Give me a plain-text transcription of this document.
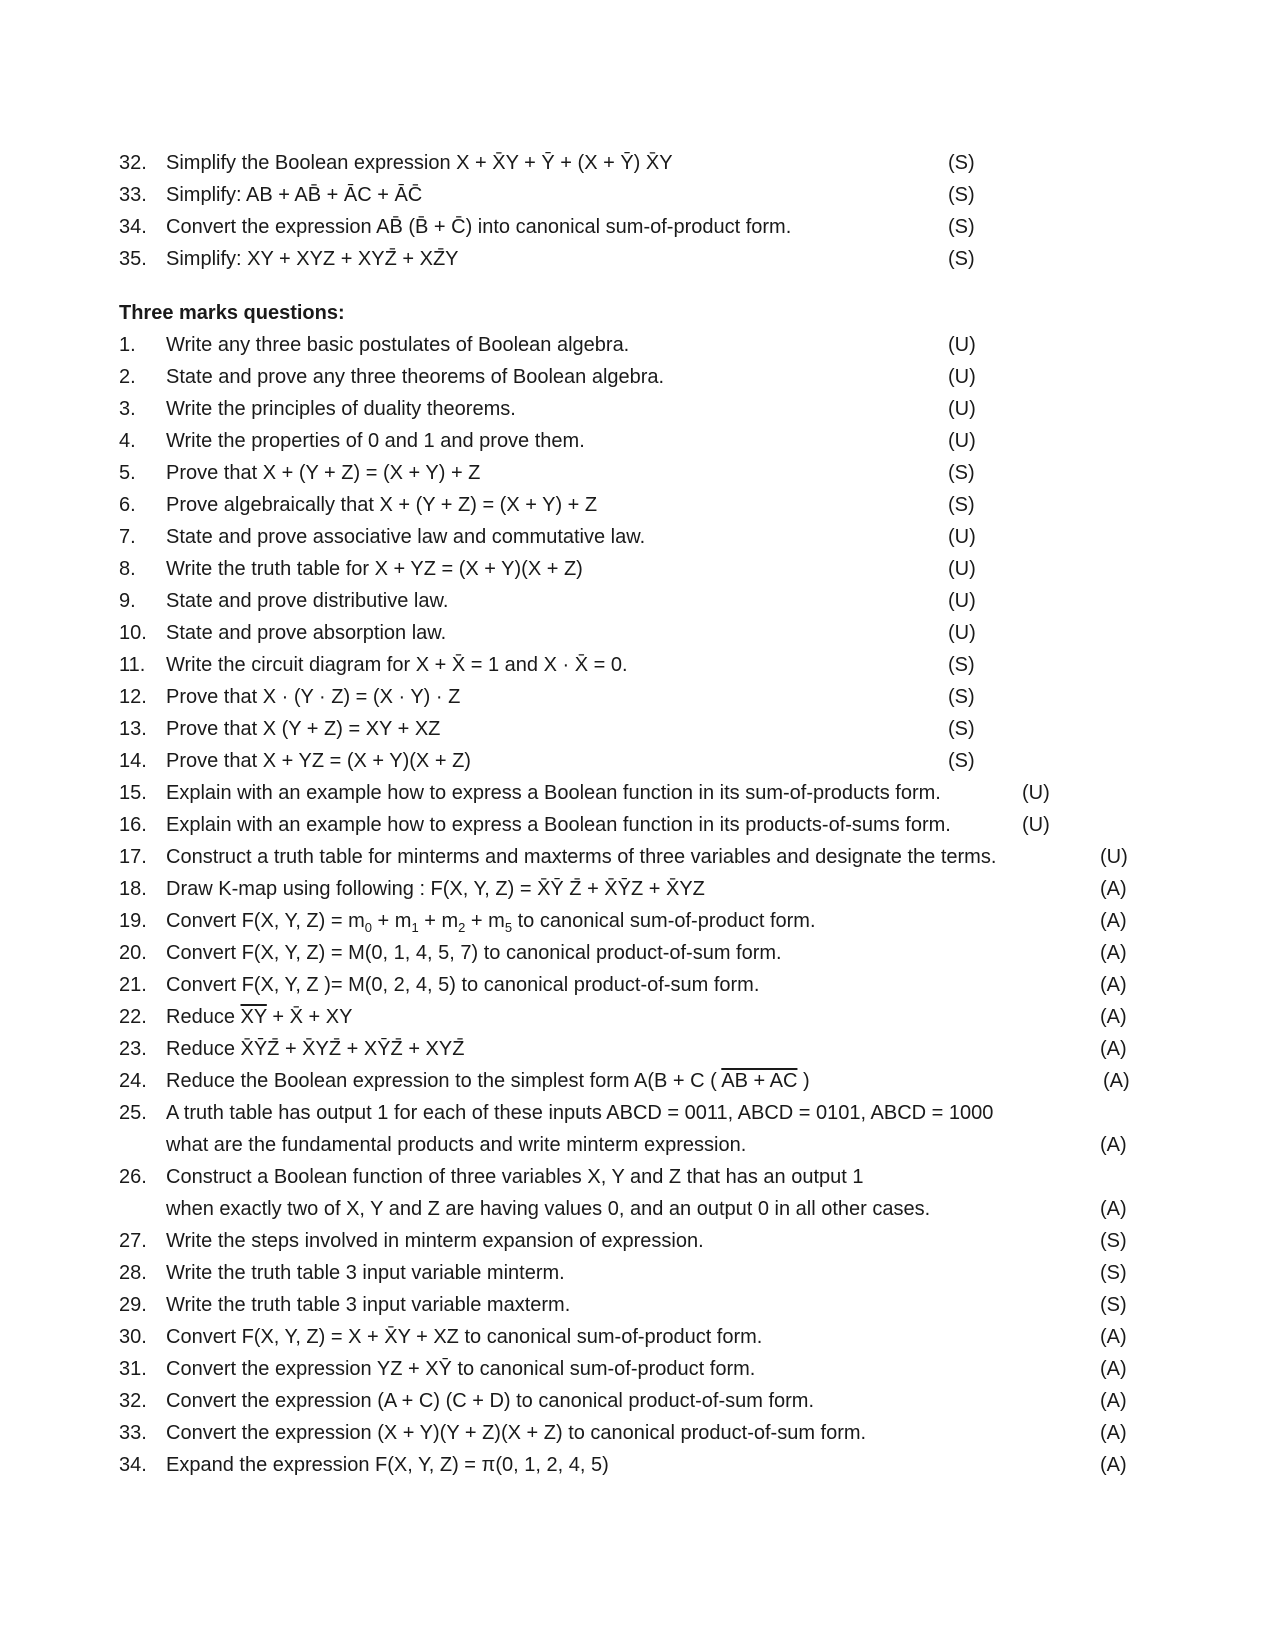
32. Simplify the Boolean expression X + X̄Y + Ȳ + (X + Ȳ) X̄Y	(S)
33. Simplify: AB + AB̄ + ĀC + ĀC̄	(S)
34. Convert the expression AB̄ (B̄ + C̄) into canonical sum-of-product form.	(S)
35. Simplify: XY + XYZ + XYZ̄ + XZ̄Y	(S)
Three marks questions:
1. Write any three basic postulates of Boolean algebra.	(U)
2. State and prove any three theorems of Boolean algebra.	(U)
3. Write the principles of duality theorems.	(U)
4. Write the properties of 0 and 1 and prove them.	(U)
5. Prove that X + (Y + Z) = (X + Y) + Z	(S)
6. Prove algebraically that X + (Y + Z) = (X + Y) + Z	(S)
7. State and prove associative law and commutative law.	(U)
8. Write the truth table for X + YZ = (X + Y)(X + Z)	(U)
9. State and prove distributive law.	(U)
10. State and prove absorption law.	(U)
11. Write the circuit diagram for X + X̄ = 1 and X · X̄ = 0.	(S)
12. Prove that X · (Y · Z) = (X · Y) · Z	(S)
13. Prove that X (Y + Z) = XY + XZ	(S)
14. Prove that X + YZ = (X + Y)(X + Z)	(S)
15. Explain with an example how to express a Boolean function in its sum-of-products form.	(U)
16. Explain with an example how to express a Boolean function in its products-of-sums form.	(U)
17. Construct a truth table for minterms and maxterms of three variables and designate the terms.	(U)
18. Draw K-map using following : F(X, Y, Z) = X̄Ȳ Z̄ + X̄ȲZ + X̄YZ	(A)
19. Convert F(X, Y, $Z) = m_0 + m_1 + m_2 + m_5$ to canonical sum-of-product form.	(A)
20. Convert F(X, Y, Z) = M(0, 1, 4, 5, 7) to canonical product-of-sum form.	(A)
21. Convert F(X, Y, Z )= M(0, 2, 4, 5) to canonical product-of-sum form.	(A)
22. Reduce $\overline{XY}$ + X̄ + XY	(A)
23. Reduce X̄ȲZ̄ + X̄YZ̄ + XȲZ̄ + XYZ̄	(A)
24. Reduce the Boolean expression to the simplest form A(B + C ( AB + AC )	(A)
25. A truth table has output 1 for each of these inputs ABCD = 0011, ABCD = 0101, ABCD = 1000
what are the fundamental products and write minterm expression.	(A)
26. Construct a Boolean function of three variables X, Y and Z that has an output 1
when exactly two of X, Y and Z are having values 0, and an output 0 in all other cases.	(A)
27. Write the steps involved in minterm expansion of expression.	(S)
28. Write the truth table 3 input variable minterm.	(S)
29. Write the truth table 3 input variable maxterm.	(S)
30. Convert F(X, Y, Z) = X + X̄Y + XZ to canonical sum-of-product form.	(A)
31. Convert the expression YZ + XȲ to canonical sum-of-product form.	(A)
32. Convert the expression (A + C) (C + D) to canonical product-of-sum form.	(A)
33. Convert the expression (X + Y)(Y + Z)(X + Z) to canonical product-of-sum form.	(A)
34. Expand the expression F(X, Y, Z) = π(0, 1, 2, 4, 5)	(A)
